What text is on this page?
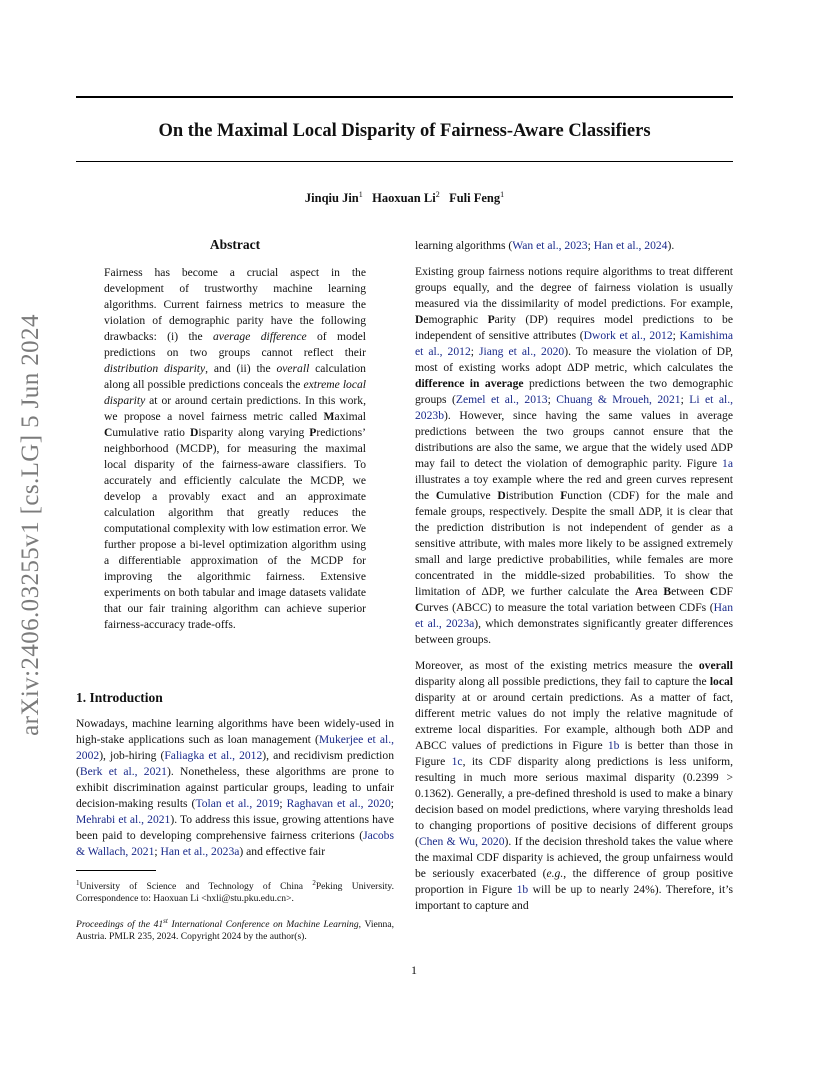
On the Maximal Local Disparity of Fairness-Aware Classifiers
Jinqiu Jin$^1$ Haoxuan Li$^2$ Fuli Feng$^1$
arXiv:2406.03255v1 [cs.LG] 5 Jun 2024
Abstract
Fairness has become a crucial aspect in the development of trustworthy machine learning algorithms. Current fairness metrics to measure the violation of demographic parity have the following drawbacks: (i) the average difference of model predictions on two groups cannot reflect their distribution disparity, and (ii) the overall calculation along all possible predictions conceals the extreme local disparity at or around certain predictions. In this work, we propose a novel fairness metric called Maximal Cumulative ratio Disparity along varying Predictions’ neighborhood (MCDP), for measuring the maximal local disparity of the fairness-aware classifiers. To accurately and efficiently calculate the MCDP, we develop a provably exact and an approximate calculation algorithm that greatly reduces the computational complexity with low estimation error. We further propose a bi-level optimization algorithm using a differentiable approximation of the MCDP for improving the algorithmic fairness. Extensive experiments on both tabular and image datasets validate that our fair training algorithm can achieve superior fairness-accuracy trade-offs.
1. Introduction

Nowadays, machine learning algorithms have been widely-used in high-stake applications such as loan management (Mukerjee et al., 2002), job-hiring (Faliagka et al., 2012), and recidivism prediction (Berk et al., 2021). Nonetheless, these algorithms are prone to exhibit discrimination against particular groups, leading to unfair decision-making results (Tolan et al., 2019; Raghavan et al., 2020; Mehrabi et al., 2021). To address this issue, growing attentions have been paid to developing comprehensive fairness criterions (Jacobs & Wallach, 2021; Han et al., 2023a) and effective fair

$^1$University of Science and Technology of China $^2$Peking University. Correspondence to: Haoxuan Li <hxli@stu.pku.edu.cn>.
Proceedings of the 41st International Conference on Machine Learning, Vienna, Austria. PMLR 235, 2024. Copyright 2024 by the author(s).

learning algorithms (Wan et al., 2023; Han et al., 2024).

Existing group fairness notions require algorithms to treat different groups equally, and the degree of fairness violation is usually measured via the dissimilarity of model predictions. For example, Demographic Parity (DP) requires model predictions to be independent of sensitive attributes (Dwork et al., 2012; Kamishima et al., 2012; Jiang et al., 2020). To measure the violation of DP, most of existing works adopt ΔDP metric, which calculates the difference in average predictions between the two demographic groups (Zemel et al., 2013; Chuang & Mroueh, 2021; Li et al., 2023b). However, since having the same values in average predictions between the two groups cannot ensure that the distributions are also the same, we argue that the widely used ΔDP may fail to detect the violation of demographic parity. Figure 1a illustrates a toy example where the red and green curves represent the Cumulative Distribution Function (CDF) for the male and female groups, respectively. Despite the small ΔDP, it is clear that the prediction distribution is not independent of gender as a sensitive attribute, with males more likely to be assigned extremely small and large predictive probabilities, while females are more concentrated in the middle-sized probabilities. To show the limitation of ΔDP, we further calculate the Area Between CDF Curves (ABCC) to measure the total variation between CDFs (Han et al., 2023a), which demonstrates significantly greater differences between groups.

Moreover, as most of the existing metrics measure the overall disparity along all possible predictions, they fail to capture the local disparity at or around certain predictions. As a matter of fact, different metric values do not imply the relative magnitude of extreme local disparities. For example, although both ΔDP and ABCC values of predictions in Figure 1b is better than those in Figure 1c, its CDF disparity along predictions is less uniform, resulting in much more serious maximal disparity (0.2399 > 0.1362). Generally, a pre-defined threshold is used to make a binary decision based on model predictions, where varying thresholds lead to changing proportions of positive decisions of different groups (Chen & Wu, 2020). If the decision threshold takes the value where the maximal CDF disparity is achieved, the group unfairness would be seriously exacerbated (e.g., the difference of group positive proportion in Figure 1b will be up to nearly 24%). Therefore, it’s important to capture and

1
